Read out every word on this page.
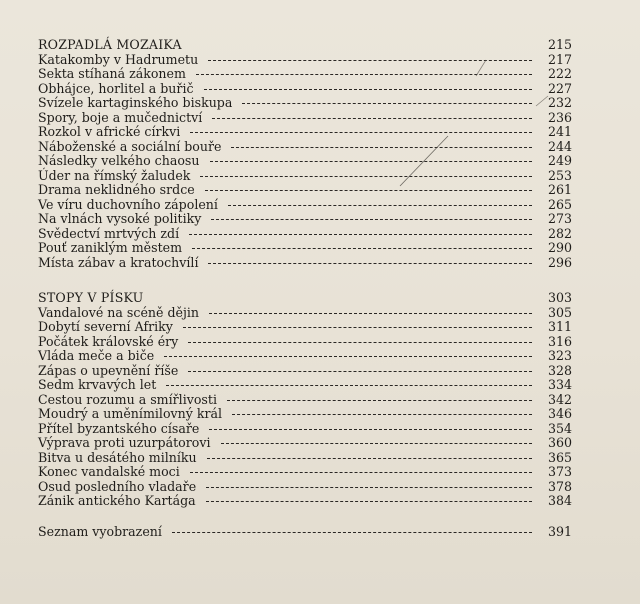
ROZPADLÁ MOZAIKA	215
Katakomby v Hadrumetu	217
Sekta stíhaná zákonem	222
Obhájce, horlitel a buřič	227
Svízele kartaginského biskupa	232
Spory, boje a mučednictví	236
Rozkol v africké církvi	241
Náboženské a sociální bouře	244
Následky velkého chaosu	249
Úder na římský žaludek	253
Drama neklidného srdce	261
Ve víru duchovního zápolení	265
Na vlnách vysoké politiky	273
Svědectví mrtvých zdí	282
Pouť zaniklým městem	290
Místa zábav a kratochvílí	296
STOPY V PÍSKU	303
Vandalové na scéně dějin	305
Dobytí severní Afriky	311
Počátek královské éry	316
Vláda meče a biče	323
Zápas o upevnění říše	328
Sedm krvavých let	334
Cestou rozumu a smířlivosti	342
Moudrý a uměnímilovný král	346
Přítel byzantského císaře	354
Výprava proti uzurpátorovi	360
Bitva u desátého milníku	365
Konec vandalské moci	373
Osud posledního vladaře	378
Zánik antického Kartága	384
Seznam vyobrazení	391
